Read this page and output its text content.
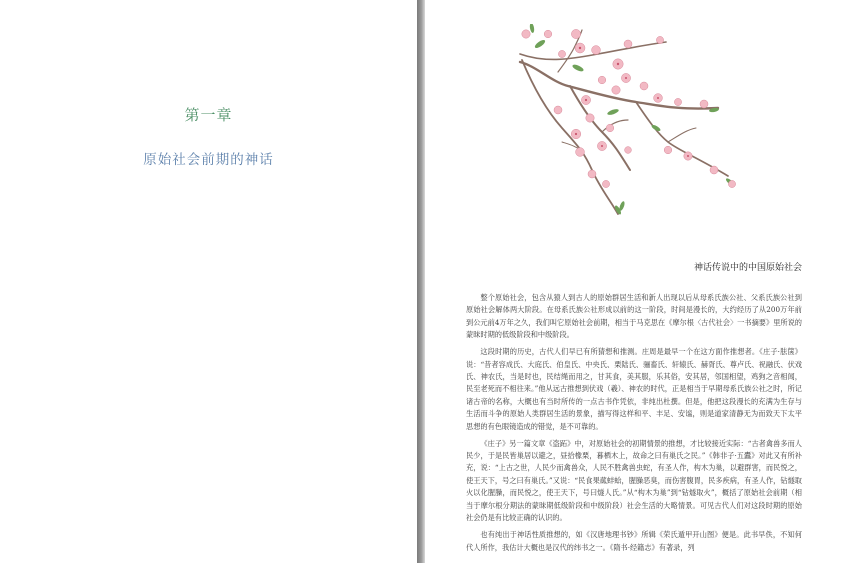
第一章
原始社会前期的神话
神话传说中的中国原始社会

整个原始社会，包含从猿人到古人的原始群居生活和新人出现以后从母系氏族公社、父系氏族公社到原始社会解体两大阶段。在母系氏族公社形成以前的这一阶段，时间是漫长的，大约经历了从200万年前到公元前4万年之久，我们叫它原始社会前期，相当于马克思在《摩尔根〈古代社会〉一书摘要》里所说的蒙昧时期的低级阶段和中级阶段。

这段时期的历史，古代人们早已有所猜想和推测。庄周是最早一个在这方面作推想者。《庄子·胠箧》说：“昔者容成氏、大庭氏、伯皇氏、中央氏、栗陆氏、骊畜氏、轩辕氏、赫胥氏、尊卢氏、祝融氏、伏戏氏、神农氏，当是时也，民结绳而用之，甘其食，美其服，乐其俗，安其居，邻国相望，鸡狗之音相闻，民至老死而不相往来。”他从远古推想到伏戏（羲）、神农的时代，正是相当于早期母系氏族公社之时，所记诸古帝的名称，大概也有当时所传的一点古书作凭依，非纯出杜撰。但是，他把这段漫长的充满为生存与生活而斗争的原始人类群居生活的景象，描写得这样和平、丰足、安谧，则是道家清静无为而致天下太平思想的有色眼镜造成的错觉，是不可靠的。

《庄子》另一篇文章《盗跖》中，对原始社会的初期情景的推想，才比较接近实际：“古者禽兽多而人民少，于是民皆巢居以避之，昼拾橡栗，暮栖木上，故命之曰有巢氏之民。”《韩非子·五蠹》对此又有所补充，说：“上古之世，人民少而禽兽众，人民不胜禽兽虫蛇，有圣人作，构木为巢，以避群害，而民悦之，使王天下，号之曰有巢氏。”又说：“民食果蓏蚌蛤，腥臊恶臭，而伤害腹胃，民多疾病，有圣人作，钻燧取火以化腥臊，而民悦之，使王天下，号曰燧人氏。”从“构木为巢”到“钻燧取火”，概括了原始社会前期（相当于摩尔根分期法的蒙昧期低级阶段和中级阶段）社会生活的大略情景。可见古代人们对这段时期的原始社会仍是有比较正确的认识的。

也有纯出于神话性质推想的，如《汉唐地理书钞》所辑《荣氏遁甲开山图》便是。此书早佚，不知何代人所作，我估计大概也是汉代的纬书之一。《隋书·经籍志》有著录，列
